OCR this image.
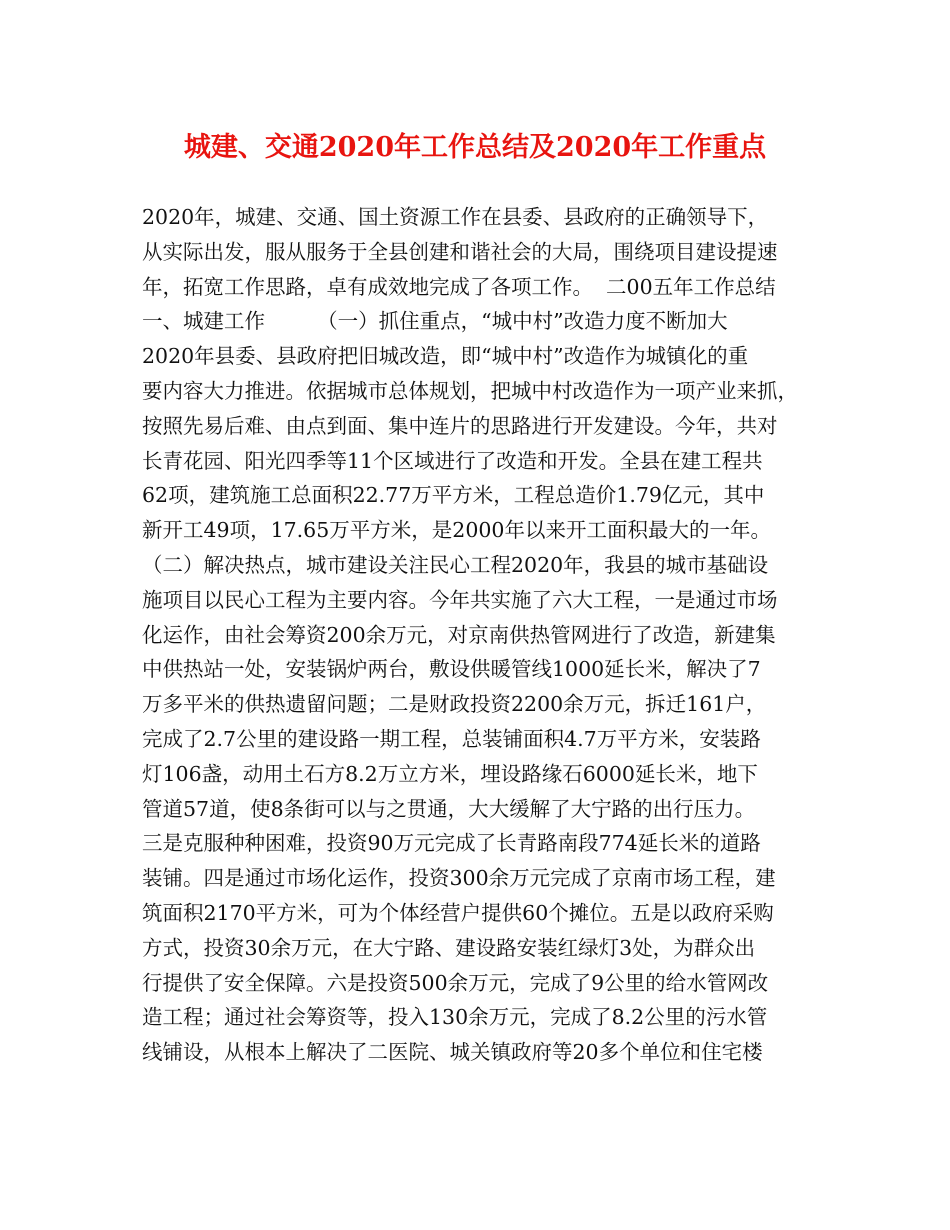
城建、交通2020年工作总结及2020年工作重点
2020年，城建、交通、国土资源工作在县委、县政府的正确领导下，
从实际出发，服从服务于全县创建和谐社会的大局，围绕项目建设提速
年，拓宽工作思路，卓有成效地完成了各项工作。  二00五年工作总结
一、城建工作        （一）抓住重点，“城中村”改造力度不断加大
2020年县委、县政府把旧城改造，即“城中村”改造作为城镇化的重
要内容大力推进。依据城市总体规划，把城中村改造作为一项产业来抓，
按照先易后难、由点到面、集中连片的思路进行开发建设。今年，共对
长青花园、阳光四季等11个区域进行了改造和开发。全县在建工程共
62项，建筑施工总面积22.77万平方米，工程总造价1.79亿元，其中
新开工49项，17.65万平方米，是2000年以来开工面积最大的一年。
（二）解决热点，城市建设关注民心工程2020年，我县的城市基础设
施项目以民心工程为主要内容。今年共实施了六大工程，一是通过市场
化运作，由社会筹资200余万元，对京南供热管网进行了改造，新建集
中供热站一处，安装锅炉两台，敷设供暖管线1000延长米，解决了7
万多平米的供热遗留问题；二是财政投资2200余万元，拆迁161户，
完成了2.7公里的建设路一期工程，总装铺面积4.7万平方米，安装路
灯106盏，动用土石方8.2万立方米，埋设路缘石6000延长米，地下
管道57道，使8条街可以与之贯通，大大缓解了大宁路的出行压力。
三是克服种种困难，投资90万元完成了长青路南段774延长米的道路
装铺。四是通过市场化运作，投资300余万元完成了京南市场工程，建
筑面积2170平方米，可为个体经营户提供60个摊位。五是以政府采购
方式，投资30余万元，在大宁路、建设路安装红绿灯3处，为群众出
行提供了安全保障。六是投资500余万元，完成了9公里的给水管网改
造工程；通过社会筹资等，投入130余万元，完成了8.2公里的污水管
线铺设，从根本上解决了二医院、城关镇政府等20多个单位和住宅楼
